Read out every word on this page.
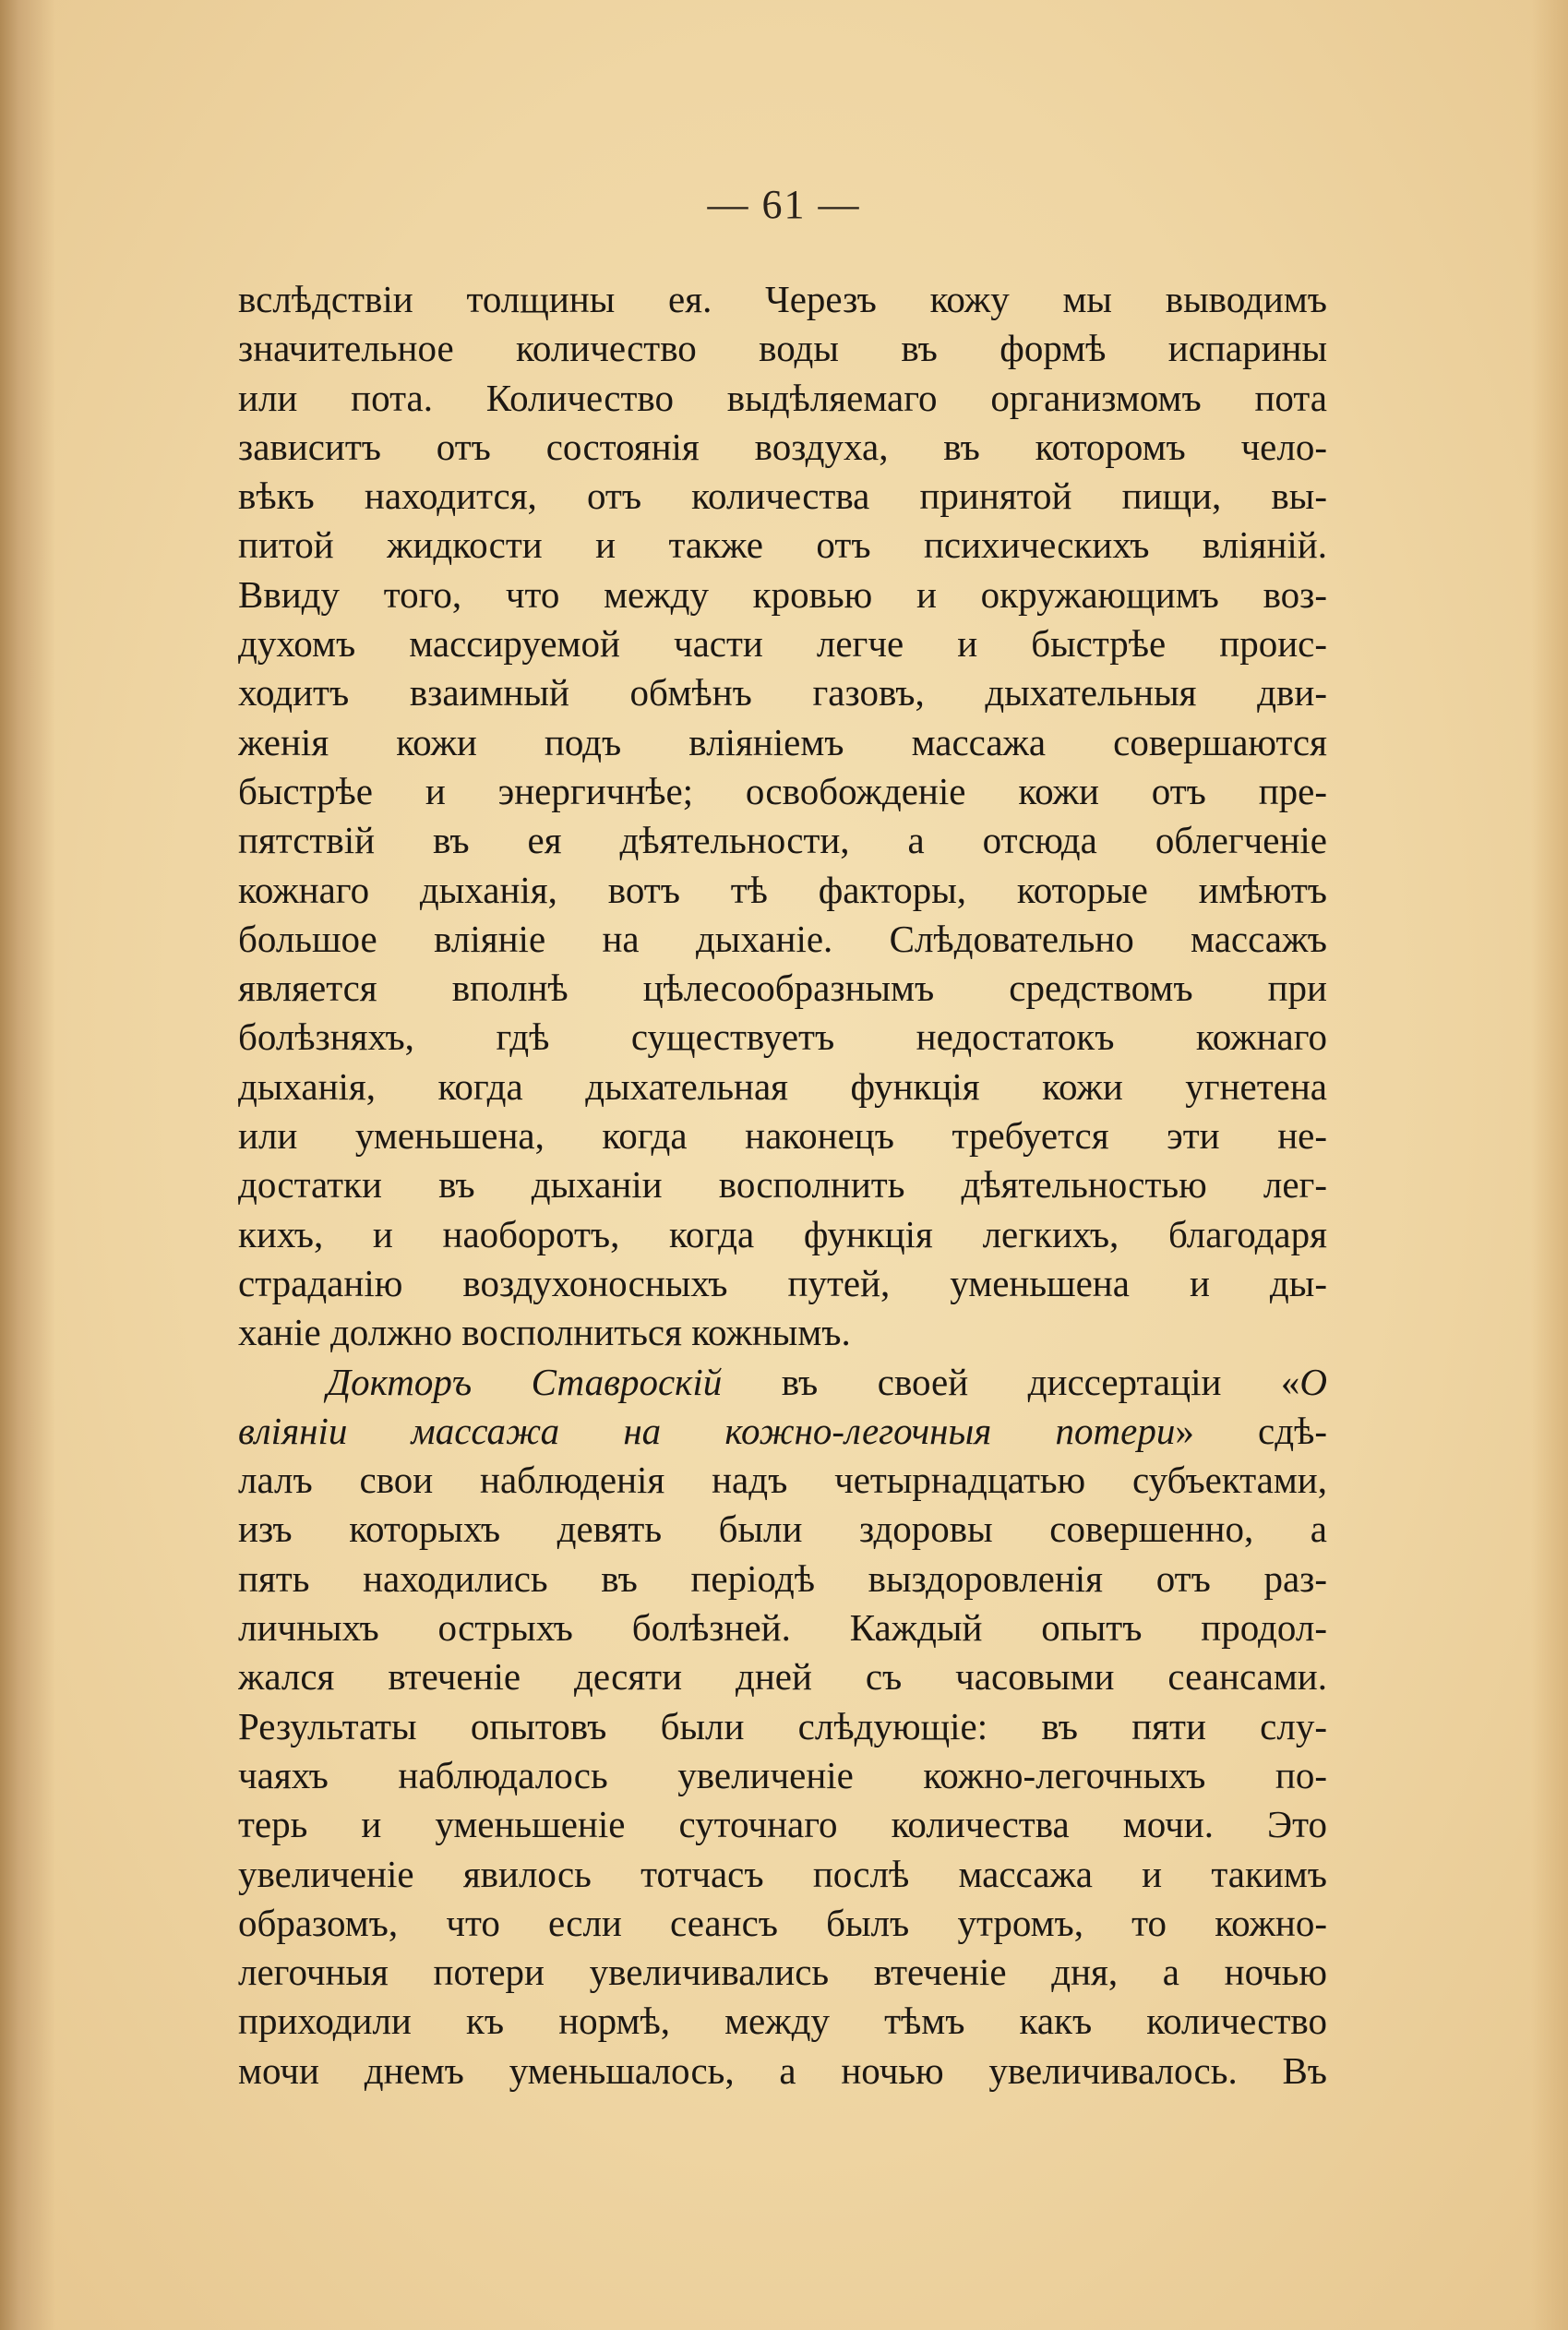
— 61 —
вслѣдствіи толщины ея. Черезъ кожу мы выводимъ
значительное количество воды въ формѣ испарины
или пота. Количество выдѣляемаго организмомъ пота
зависитъ отъ состоянія воздуха, въ которомъ чело-
вѣкъ находится, отъ количества принятой пищи, вы-
питой жидкости и также отъ психическихъ вліяній.
Ввиду того, что между кровью и окружающимъ воз-
духомъ массируемой части легче и быстрѣе проис-
ходитъ взаимный обмѣнъ газовъ, дыхательныя дви-
женія кожи подъ вліяніемъ массажа совершаются
быстрѣе и энергичнѣе; освобожденіе кожи отъ пре-
пятствій въ ея дѣятельности, а отсюда облегченіе
кожнаго дыханія, вотъ тѣ факторы, которые имѣютъ
большое вліяніе на дыханіе. Слѣдовательно массажъ
является вполнѣ цѣлесообразнымъ средствомъ при
болѣзняхъ, гдѣ существуетъ недостатокъ кожнаго
дыханія, когда дыхательная функція кожи угнетена
или уменьшена, когда наконецъ требуется эти не-
достатки въ дыханіи восполнить дѣятельностью лег-
кихъ, и наоборотъ, когда функція легкихъ, благодаря
страданію воздухоносныхъ путей, уменьшена и ды-
ханіе должно восполниться кожнымъ.
Докторъ Ставроскій въ своей диссертаціи «О
вліяніи массажа на кожно-легочныя потери» сдѣ-
лалъ свои наблюденія надъ четырнадцатью субъектами,
изъ которыхъ девять были здоровы совершенно, а
пять находились въ періодѣ выздоровленія отъ раз-
личныхъ острыхъ болѣзней. Каждый опытъ продол-
жался втеченіе десяти дней съ часовыми сеансами.
Результаты опытовъ были слѣдующіе: въ пяти слу-
чаяхъ наблюдалось увеличеніе кожно-легочныхъ по-
терь и уменьшеніе суточнаго количества мочи. Это
увеличеніе явилось тотчасъ послѣ массажа и такимъ
образомъ, что если сеансъ былъ утромъ, то кожно-
легочныя потери увеличивались втеченіе дня, а ночью
приходили къ нормѣ, между тѣмъ какъ количество
мочи днемъ уменьшалось, а ночью увеличивалось. Въ
